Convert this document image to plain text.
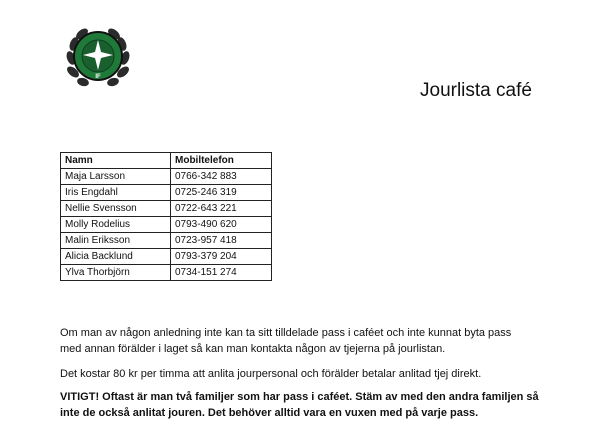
IF
Jourlista café
Namn	Mobiltelefon
Maja Larsson	0766-342 883
Iris Engdahl	0725-246 319
Nellie Svensson	0722-643 221
Molly Rodelius	0793-490 620
Malin Eriksson	0723-957 418
Alicia Backlund	0793-379 204
Ylva Thorbjörn	0734-151 274

Om man av någon anledning inte kan ta sitt tilldelade pass i caféet och inte kunnat byta pass
med annan förälder i laget så kan man kontakta någon av tjejerna på jourlistan.

Det kostar 80 kr per timma att anlita jourpersonal och förälder betalar anlitad tjej direkt.

VITIGT! Oftast är man två familjer som har pass i caféet. Stäm av med den andra familjen så
inte de också anlitat jouren. Det behöver alltid vara en vuxen med på varje pass.
